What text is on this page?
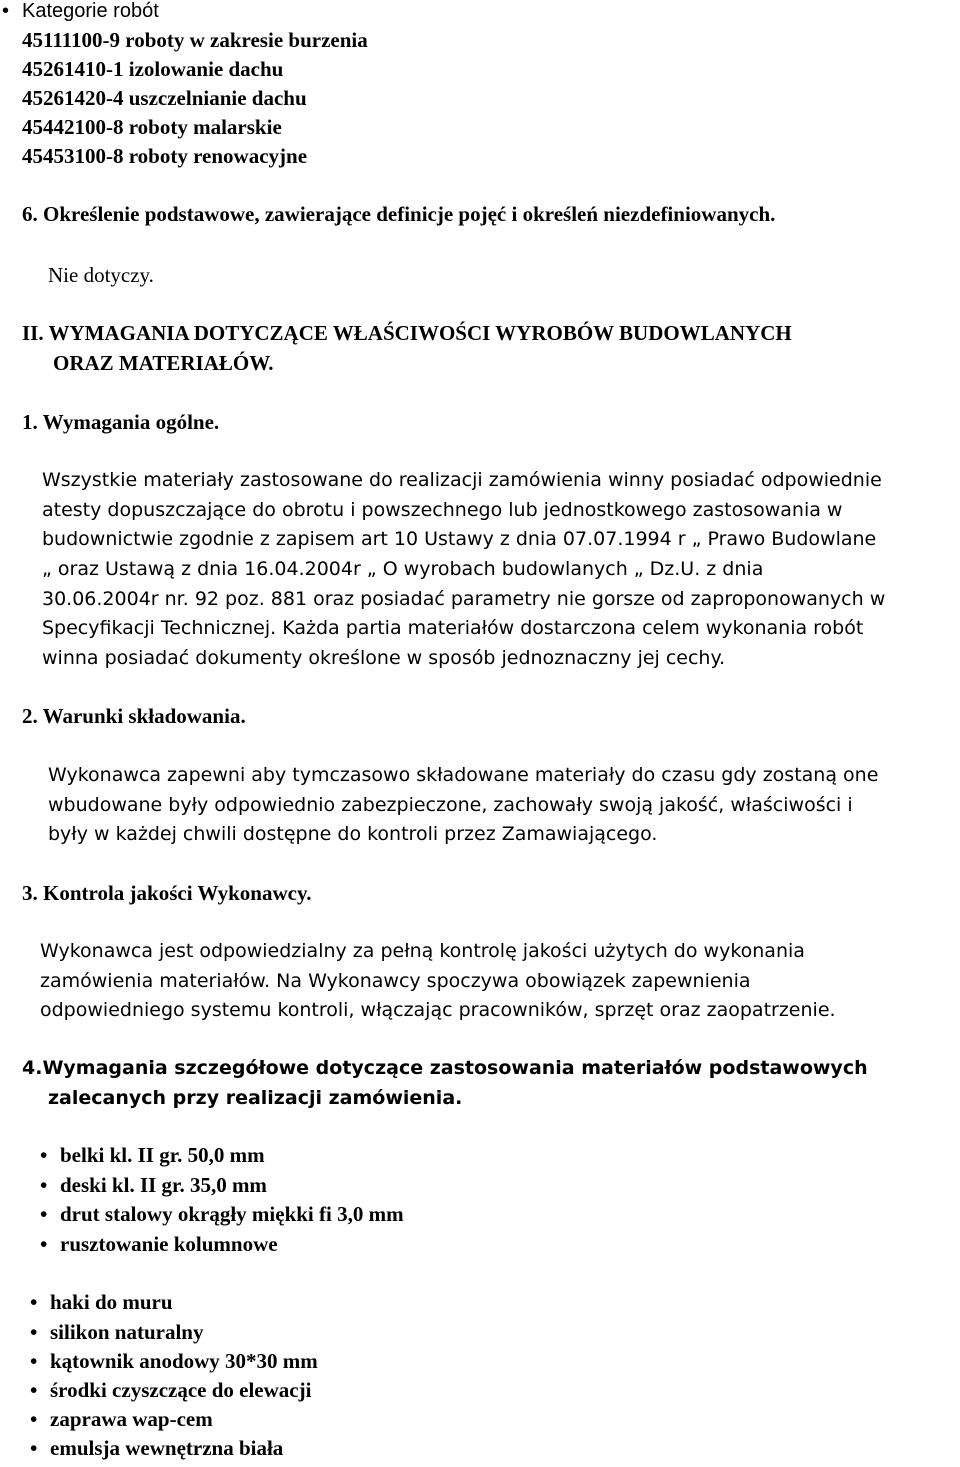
• Kategorie robót
45111100-9 roboty w zakresie burzenia
45261410-1 izolowanie dachu
45261420-4 uszczelnianie dachu
45442100-8 roboty malarskie
45453100-8 roboty renowacyjne
6. Określenie podstawowe, zawierające definicje pojęć i określeń niezdefiniowanych.
Nie dotyczy.
II. WYMAGANIA DOTYCZĄCE WŁAŚCIWOŚCI WYROBÓW BUDOWLANYCH
ORAZ MATERIAŁÓW.
1. Wymagania ogólne.
Wszystkie materiały zastosowane do realizacji zamówienia winny posiadać odpowiednie
atesty dopuszczające do obrotu i powszechnego lub jednostkowego zastosowania w
budownictwie zgodnie z zapisem art 10 Ustawy z dnia 07.07.1994 r „ Prawo Budowlane
„ oraz Ustawą z dnia 16.04.2004r „ O wyrobach budowlanych „ Dz.U. z dnia
30.06.2004r nr. 92 poz. 881 oraz posiadać parametry nie gorsze od zaproponowanych w
Specyfikacji Technicznej. Każda partia materiałów dostarczona celem wykonania robót
winna posiadać dokumenty określone w sposób jednoznaczny jej cechy.
2. Warunki składowania.
Wykonawca zapewni aby tymczasowo składowane materiały do czasu gdy zostaną one
wbudowane były odpowiednio zabezpieczone, zachowały swoją jakość, właściwości i
były w każdej chwili dostępne do kontroli przez Zamawiającego.
3. Kontrola jakości Wykonawcy.
Wykonawca jest odpowiedzialny za pełną kontrolę jakości użytych do wykonania
zamówienia materiałów. Na Wykonawcy spoczywa obowiązek zapewnienia
odpowiedniego systemu kontroli, włączając pracowników, sprzęt oraz zaopatrzenie.
4.Wymagania szczegółowe dotyczące zastosowania materiałów podstawowych
zalecanych przy realizacji zamówienia.
• belki kl. II gr. 50,0 mm
• deski kl. II gr. 35,0 mm
• drut stalowy okrągły miękki fi 3,0 mm
• rusztowanie kolumnowe
• haki do muru
• silikon naturalny
• kątownik anodowy 30*30 mm
• środki czyszczące do elewacji
• zaprawa wap-cem
• emulsja wewnętrzna biała
